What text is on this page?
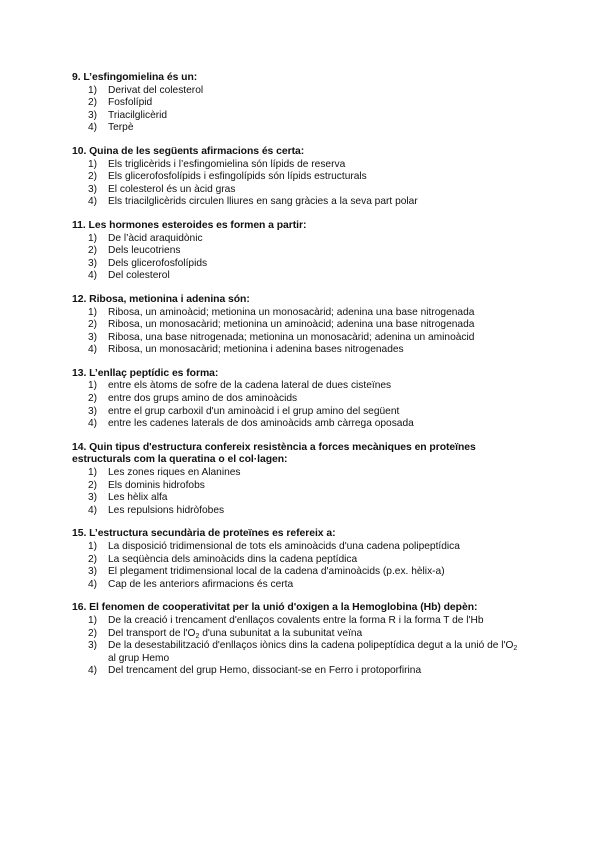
9. L’esfingomielina és un:
1) Derivat del colesterol
2) Fosfolípid
3) Triacilglicèrid
4) Terpè
10. Quina de les següents afirmacions és certa:
1) Els triglicèrids i l’esfingomielina són lípids de reserva
2) Els glicerofosfolípids i esfingolípids són lípids estructurals
3) El colesterol és un àcid gras
4) Els triacilglicèrids circulen lliures en sang gràcies a la seva part polar
11. Les hormones esteroides es formen a partir:
1) De l’àcid araquidònic
2) Dels leucotriens
3) Dels glicerofosfolípids
4) Del colesterol
12. Ribosa, metionina i adenina són:
1) Ribosa, un aminoàcid; metionina un monosacàrid; adenina una base nitrogenada
2) Ribosa, un monosacàrid; metionina un aminoàcid; adenina una base nitrogenada
3) Ribosa, una base nitrogenada; metionina un monosacàrid; adenina un aminoàcid
4) Ribosa, un monosacàrid; metionina i adenina bases nitrogenades
13. L’enllaç peptídic es forma:
1) entre els àtoms de sofre de la cadena lateral de dues cisteïnes
2) entre dos grups amino de dos aminoàcids
3) entre el grup carboxil d'un aminoàcid i el grup amino del següent
4) entre les cadenes laterals de dos aminoàcids amb càrrega oposada
14. Quin tipus d'estructura confereix resistència a forces mecàniques en proteïnes estructurals com la queratina o el col·lagen:
1) Les zones riques en Alanines
2) Els dominis hidrofobs
3) Les hèlix alfa
4) Les repulsions hidròfobes
15. L’estructura secundària de proteïnes es refereix a:
1) La disposició tridimensional de tots els aminoàcids d'una cadena polipeptídica
2) La seqüència dels aminoàcids dins la cadena peptídica
3) El plegament tridimensional local de la cadena d'aminoàcids (p.ex. hèlix-a)
4) Cap de les anteriors afirmacions és certa
16. El fenomen de cooperativitat per la unió d'oxigen a la Hemoglobina (Hb) depèn:
1) De la creació i trencament d'enllaços covalents entre la forma R i la forma T de l'Hb
2) Del transport de $l'O_2$ d'una subunitat a la subunitat veïna
3) De la desestabilització d'enllaços iònics dins la cadena polipeptídica degut a la unió de $l'O_2$ al grup Hemo
4) Del trencament del grup Hemo, dissociant-se en Ferro i protoporfirina
